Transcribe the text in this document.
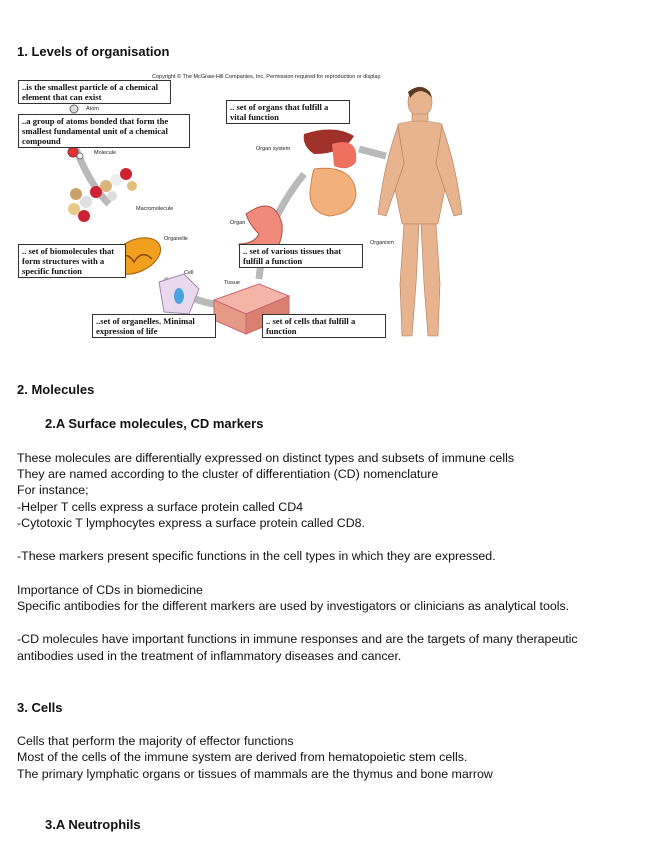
1. Levels of organisation
Copyright © The McGraw-Hill Companies, Inc. Permission required for reproduction or display.
..is the smallest particle of a chemical element that can exist
..a group of atoms bonded that form the smallest fundamental unit of a chemical compound
.. set of biomolecules that form structures with a specific function
..set of organelles. Minimal expression of life
.. set of cells that fulfill a function
.. set of various tissues that fulfill a function
.. set of organs that fulfill a vital function
Atom
Molecule
Macromolecule
Organelle
Cell
Tissue
Organ
Organ system
Organism
2. Molecules
2.A Surface molecules, CD markers
These molecules are differentially expressed on distinct types and subsets of immune cells
They are named according to the cluster of differentiation (CD) nomenclature
For instance;
-Helper T cells express a surface protein called CD4
-Cytotoxic T lymphocytes express a surface protein called CD8.
-These markers present specific functions in the cell types in which they are expressed.
Importance of CDs in biomedicine
Specific antibodies for the different markers are used by investigators or clinicians as analytical tools.
-CD molecules have important functions in immune responses and are the targets of many therapeutic antibodies used in the treatment of inflammatory diseases and cancer.
3. Cells
Cells that perform the majority of effector functions
Most of the cells of the immune system are derived from hematopoietic stem cells.
The primary lymphatic organs or tissues of mammals are the thymus and bone marrow
3.A Neutrophils
